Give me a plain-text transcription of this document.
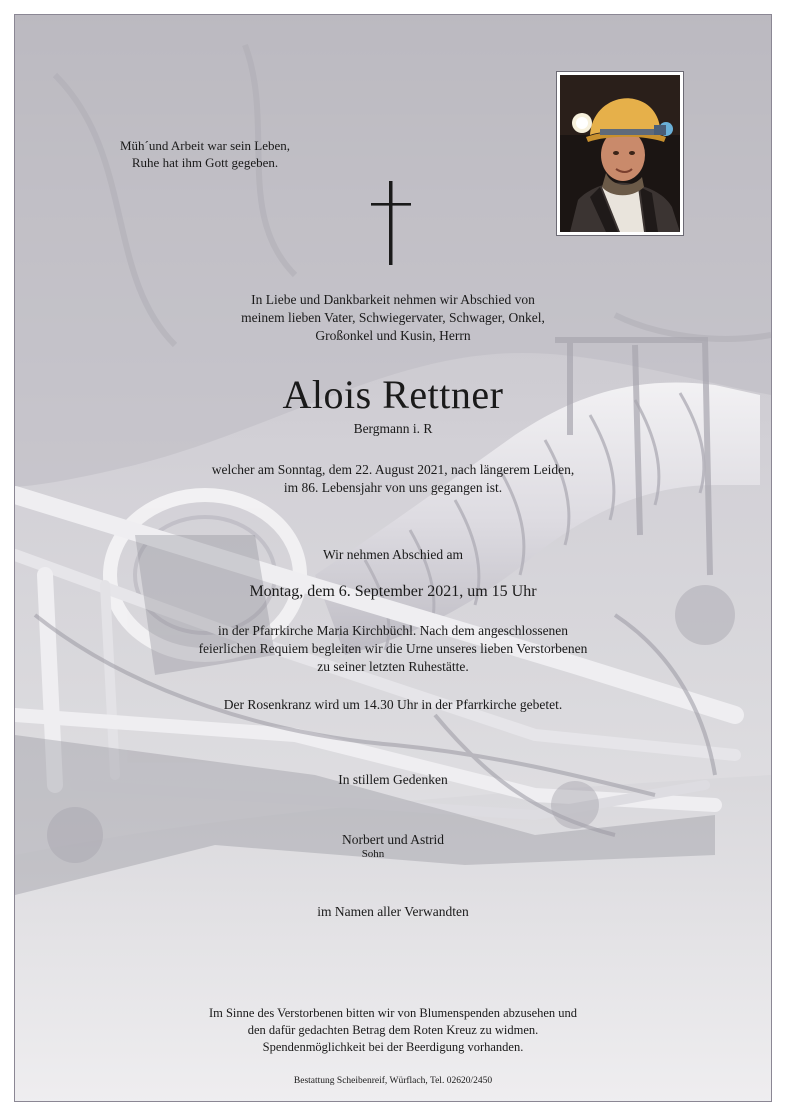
Müh´und Arbeit war sein Leben,
Ruhe hat ihm Gott gegeben.
In Liebe und Dankbarkeit nehmen wir Abschied von
meinem lieben Vater, Schwiegervater, Schwager, Onkel,
Großonkel und Kusin, Herrn
Alois Rettner
Bergmann i. R
welcher am Sonntag, dem 22. August 2021, nach längerem Leiden,
im 86. Lebensjahr von uns gegangen ist.
Wir nehmen Abschied am
Montag, dem 6. September 2021, um 15 Uhr
in der Pfarrkirche Maria Kirchbüchl. Nach dem angeschlossenen
feierlichen Requiem begleiten wir die Urne unseres lieben Verstorbenen
zu seiner letzten Ruhestätte.
Der Rosenkranz wird um 14.30 Uhr in der Pfarrkirche gebetet.
In stillem Gedenken
Norbert und Astrid
Sohn
im Namen aller Verwandten
Im Sinne des Verstorbenen bitten wir von Blumenspenden abzusehen und
den dafür gedachten Betrag dem Roten Kreuz zu widmen.
Spendenmöglichkeit bei der Beerdigung vorhanden.
Bestattung Scheibenreif, Würflach, Tel. 02620/2450
